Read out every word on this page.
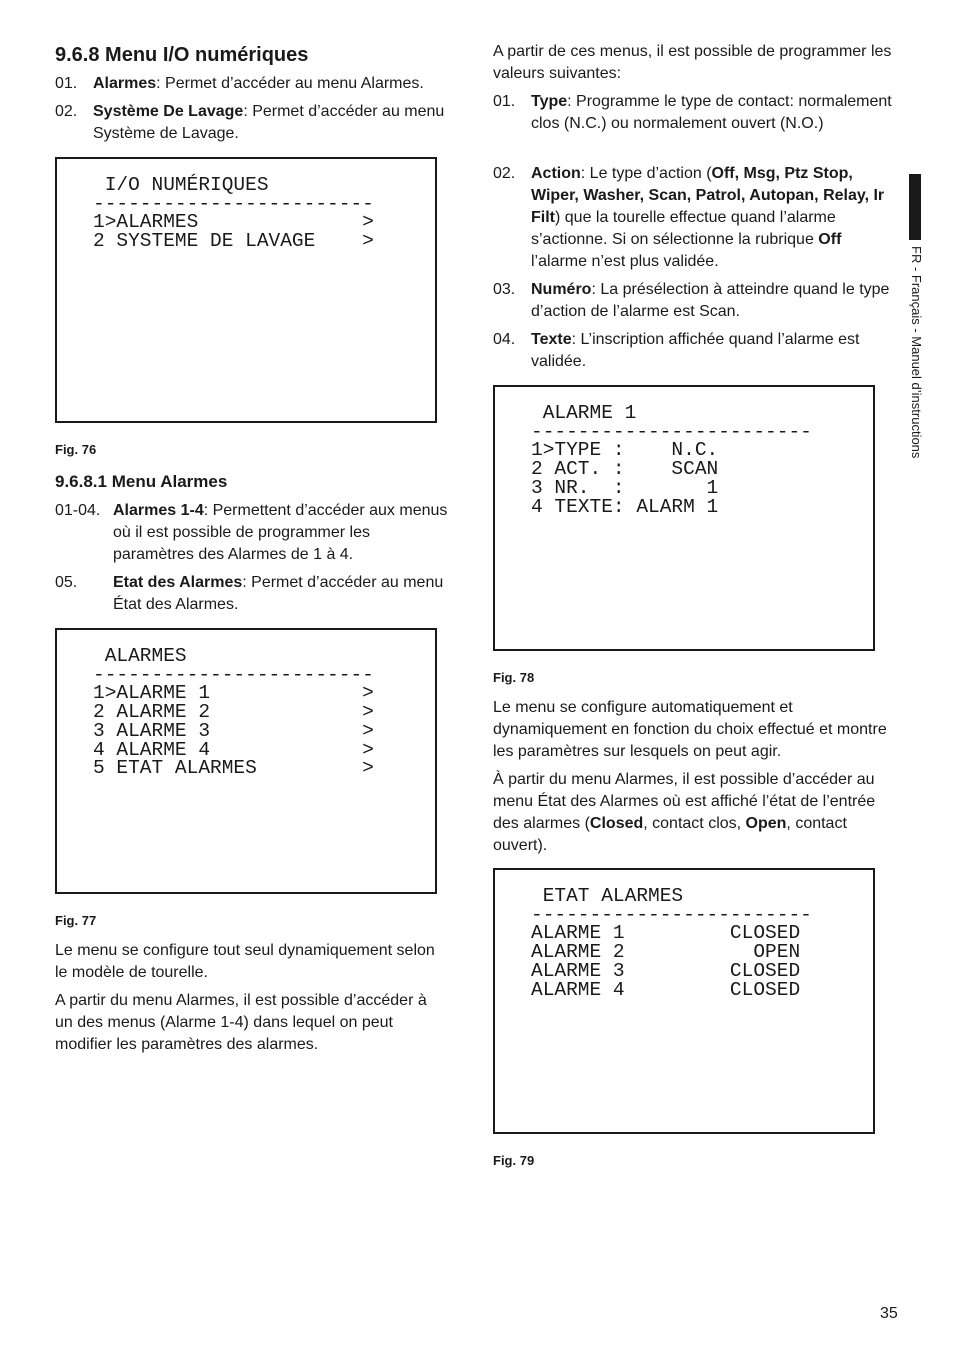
9.6.8 Menu I/O numériques
01. Alarmes: Permet d’accéder au menu Alarmes.
02. Système De Lavage: Permet d’accéder au menu Système de Lavage.
I/O NUMÉRIQUES
------------------------
1>ALARMES              >
2 SYSTEME DE LAVAGE    >
Fig. 76
9.6.8.1 Menu Alarmes
01-04. Alarmes 1-4: Permettent d’accéder aux menus où il est possible de programmer les paramètres des Alarmes de 1 à 4.
05. Etat des Alarmes: Permet d’accéder au menu État des Alarmes.
ALARMES
------------------------
1>ALARME 1             >
2 ALARME 2             >
3 ALARME 3             >
4 ALARME 4             >
5 ETAT ALARMES         >
Fig. 77
Le menu se configure tout seul dynamiquement selon le modèle de tourelle.
A partir du menu Alarmes, il est possible d’accéder à un des menus (Alarme 1-4) dans lequel on peut modifier les paramètres des alarmes.
A partir de ces menus, il est possible de programmer les valeurs suivantes:
01. Type: Programme le type de contact: normalement clos (N.C.) ou normalement ouvert (N.O.)
02. Action: Le type d’action (Off, Msg, Ptz Stop, Wiper, Washer, Scan, Patrol, Autopan, Relay, Ir Filt) que la tourelle effectue quand l’alarme s’actionne. Si on sélectionne la rubrique Off l’alarme n’est plus validée.
03. Numéro: La présélection à atteindre quand le type d’action de l’alarme est Scan.
04. Texte: L’inscription affichée quand l’alarme est validée.
ALARME 1
------------------------
1>TYPE :    N.C.
2 ACT. :    SCAN
3 NR.  :       1
4 TEXTE: ALARM 1
Fig. 78
Le menu se configure automatiquement et dynamiquement en fonction du choix effectué et montre les paramètres sur lesquels on peut agir.
À partir du menu Alarmes, il est possible d’accéder au menu État des Alarmes où est affiché l’état de l’entrée des alarmes (Closed, contact clos, Open, contact ouvert).
ETAT ALARMES
------------------------
ALARME 1         CLOSED
ALARME 2           OPEN
ALARME 3         CLOSED
ALARME 4         CLOSED
Fig. 79
FR - Français - Manuel d’instructions
35
